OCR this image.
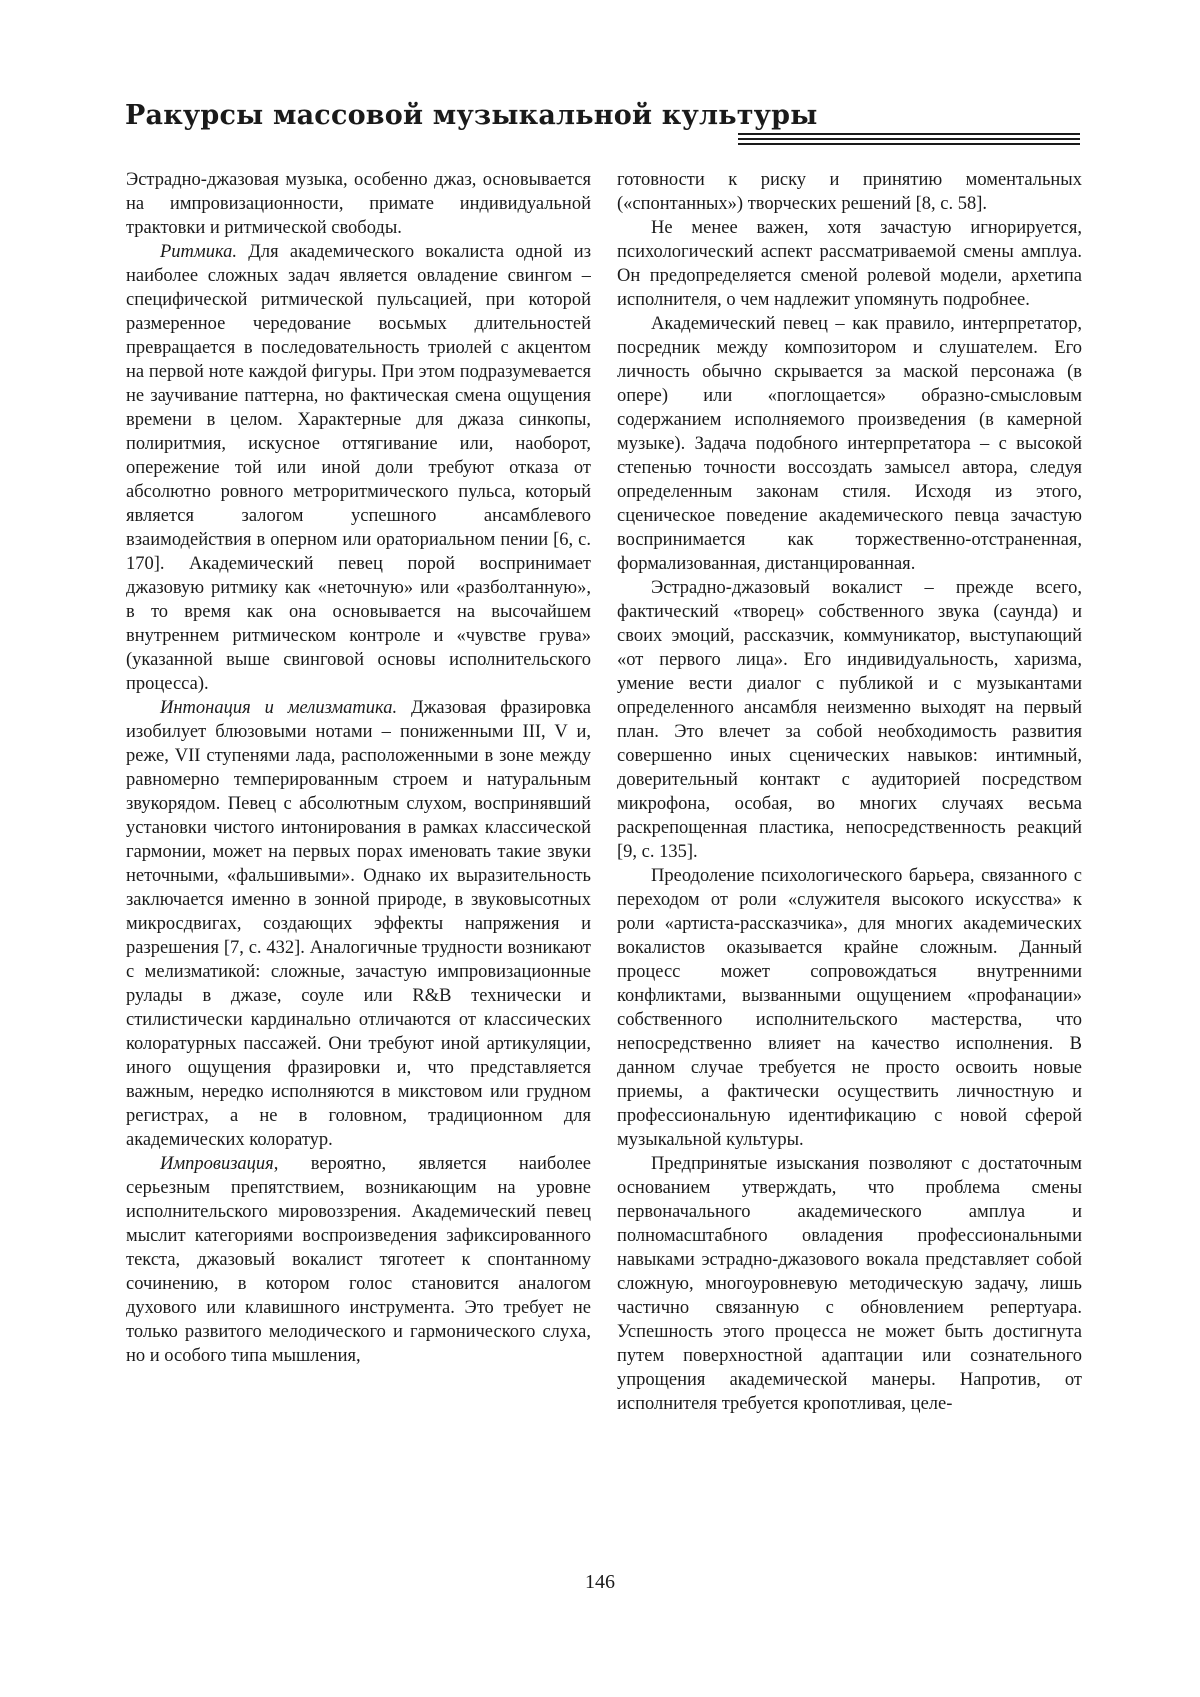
Ракурсы массовой музыкальной культуры

Эстрадно-джазовая музыка, особенно джаз, основывается на импровизационности, примате индивидуальной трактовки и ритмической свободы.

Ритмика. Для академического вокалиста одной из наиболее сложных задач является овладение свингом – специфической ритмической пульсацией, при которой размеренное чередование восьмых длительностей превращается в последовательность триолей с акцентом на первой ноте каждой фигуры. При этом подразумевается не заучивание паттерна, но фактическая смена ощущения времени в целом. Характерные для джаза синкопы, полиритмия, искусное оттягивание или, наоборот, опережение той или иной доли требуют отказа от абсолютно ровного метроритмического пульса, который является залогом успешного ансамблевого взаимодействия в оперном или ораториальном пении [6, с. 170]. Академический певец порой воспринимает джазовую ритмику как «неточную» или «разболтанную», в то время как она основывается на высочайшем внутреннем ритмическом контроле и «чувстве грува» (указанной выше свинговой основы исполнительского процесса).

Интонация и мелизматика. Джазовая фразировка изобилует блюзовыми нотами – пониженными III, V и, реже, VII ступенями лада, расположенными в зоне между равномерно темперированным строем и натуральным звукорядом. Певец с абсолютным слухом, воспринявший установки чистого интонирования в рамках классической гармонии, может на первых порах именовать такие звуки неточными, «фальшивыми». Однако их выразительность заключается именно в зонной природе, в звуковысотных микросдвигах, создающих эффекты напряжения и разрешения [7, с. 432]. Аналогичные трудности возникают с мелизматикой: сложные, зачастую импровизационные рулады в джазе, соуле или R&B технически и стилистически кардинально отличаются от классических колоратурных пассажей. Они требуют иной артикуляции, иного ощущения фразировки и, что представляется важным, нередко исполняются в микстовом или грудном регистрах, а не в головном, традиционном для академических колоратур.

Импровизация, вероятно, является наиболее серьезным препятствием, возникающим на уровне исполнительского мировоззрения. Академический певец мыслит категориями воспроизведения зафиксированного текста, джазовый вокалист тяготеет к спонтанному сочинению, в котором голос становится аналогом духового или клавишного инструмента. Это требует не только развитого мелодического и гармонического слуха, но и особого типа мышления,

готовности к риску и принятию моментальных («спонтанных») творческих решений [8, с. 58].

Не менее важен, хотя зачастую игнорируется, психологический аспект рассматриваемой смены амплуа. Он предопределяется сменой ролевой модели, архетипа исполнителя, о чем надлежит упомянуть подробнее.

Академический певец – как правило, интерпретатор, посредник между композитором и слушателем. Его личность обычно скрывается за маской персонажа (в опере) или «поглощается» образно-смысловым содержанием исполняемого произведения (в камерной музыке). Задача подобного интерпретатора – с высокой степенью точности воссоздать замысел автора, следуя определенным законам стиля. Исходя из этого, сценическое поведение академического певца зачастую воспринимается как торжественно-отстраненная, формализованная, дистанцированная.

Эстрадно-джазовый вокалист – прежде всего, фактический «творец» собственного звука (саунда) и своих эмоций, рассказчик, коммуникатор, выступающий «от первого лица». Его индивидуальность, харизма, умение вести диалог с публикой и с музыкантами определенного ансамбля неизменно выходят на первый план. Это влечет за собой необходимость развития совершенно иных сценических навыков: интимный, доверительный контакт с аудиторией посредством микрофона, особая, во многих случаях весьма раскрепощенная пластика, непосредственность реакций [9, с. 135].

Преодоление психологического барьера, связанного с переходом от роли «служителя высокого искусства» к роли «артиста-рассказчика», для многих академических вокалистов оказывается крайне сложным. Данный процесс может сопровождаться внутренними конфликтами, вызванными ощущением «профанации» собственного исполнительского мастерства, что непосредственно влияет на качество исполнения. В данном случае требуется не просто освоить новые приемы, а фактически осуществить личностную и профессиональную идентификацию с новой сферой музыкальной культуры.

Предпринятые изыскания позволяют с достаточным основанием утверждать, что проблема смены первоначального академического амплуа и полномасштабного овладения профессиональными навыками эстрадно-джазового вокала представляет собой сложную, многоуровневую методическую задачу, лишь частично связанную с обновлением репертуара. Успешность этого процесса не может быть достигнута путем поверхностной адаптации или сознательного упрощения академической манеры. Напротив, от исполнителя требуется кропотливая, целе-

146
